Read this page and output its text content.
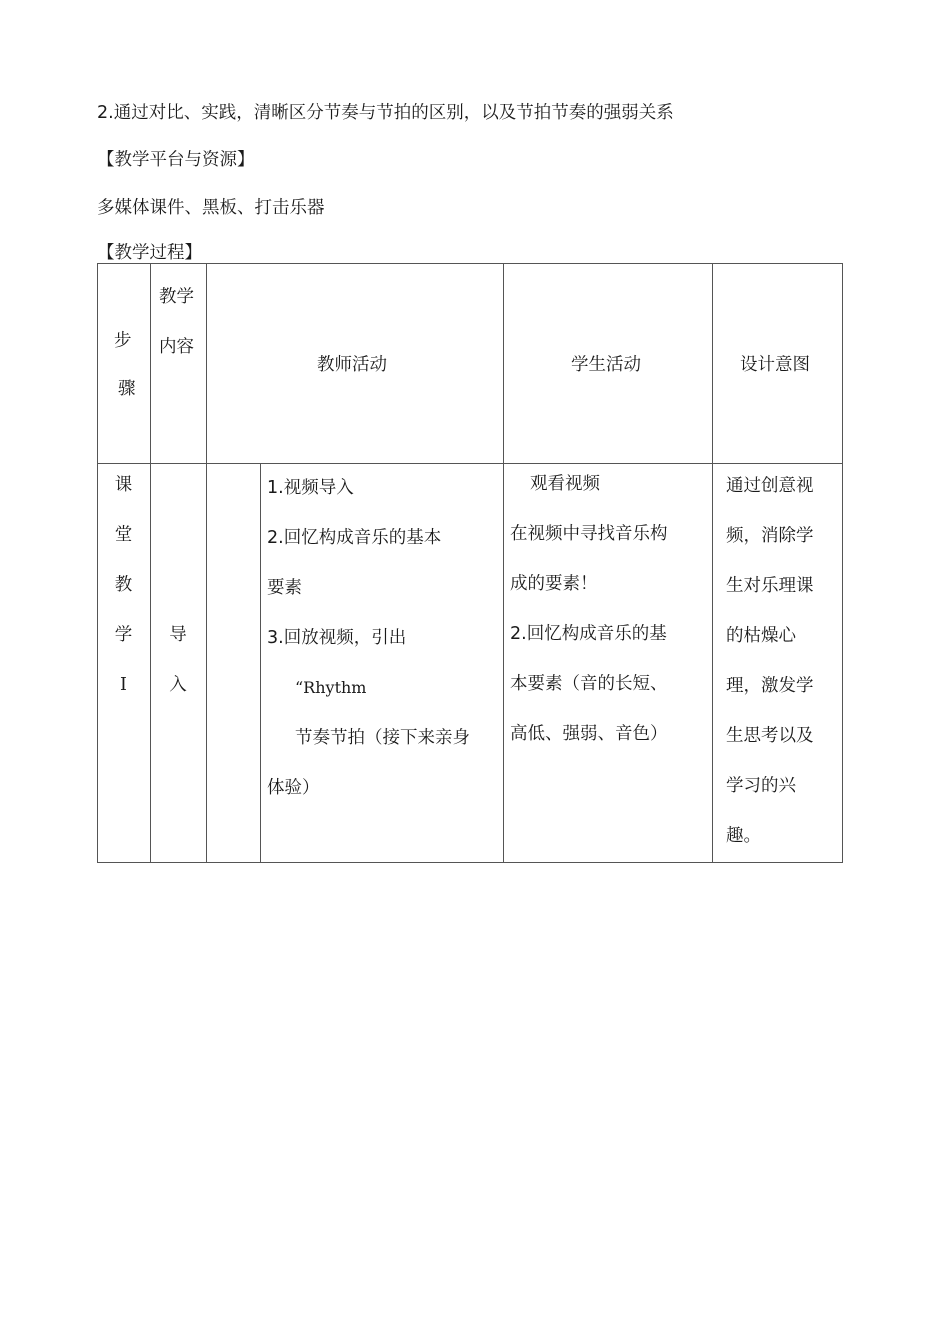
2.通过对比、实践，清晰区分节奏与节拍的区别，以及节拍节奏的强弱关系
【教学平台与资源】
多媒体课件、黑板、打击乐器
【教学过程】
步
骤
教学
内容
教师活动	学生活动	设计意图
课
堂
教
学
I
导
入
1.视频导入
2.回忆构成音乐的基本
要素
3.回放视频，引出
“Rhythm
节奏节拍（接下来亲身
体验）
观看视频
在视频中寻找音乐构
成的要素！
2.回忆构成音乐的基
本要素（音的长短、
高低、强弱、音色）
通过创意视
频，消除学
生对乐理课
的枯燥心
理，激发学
生思考以及
学习的兴
趣。
